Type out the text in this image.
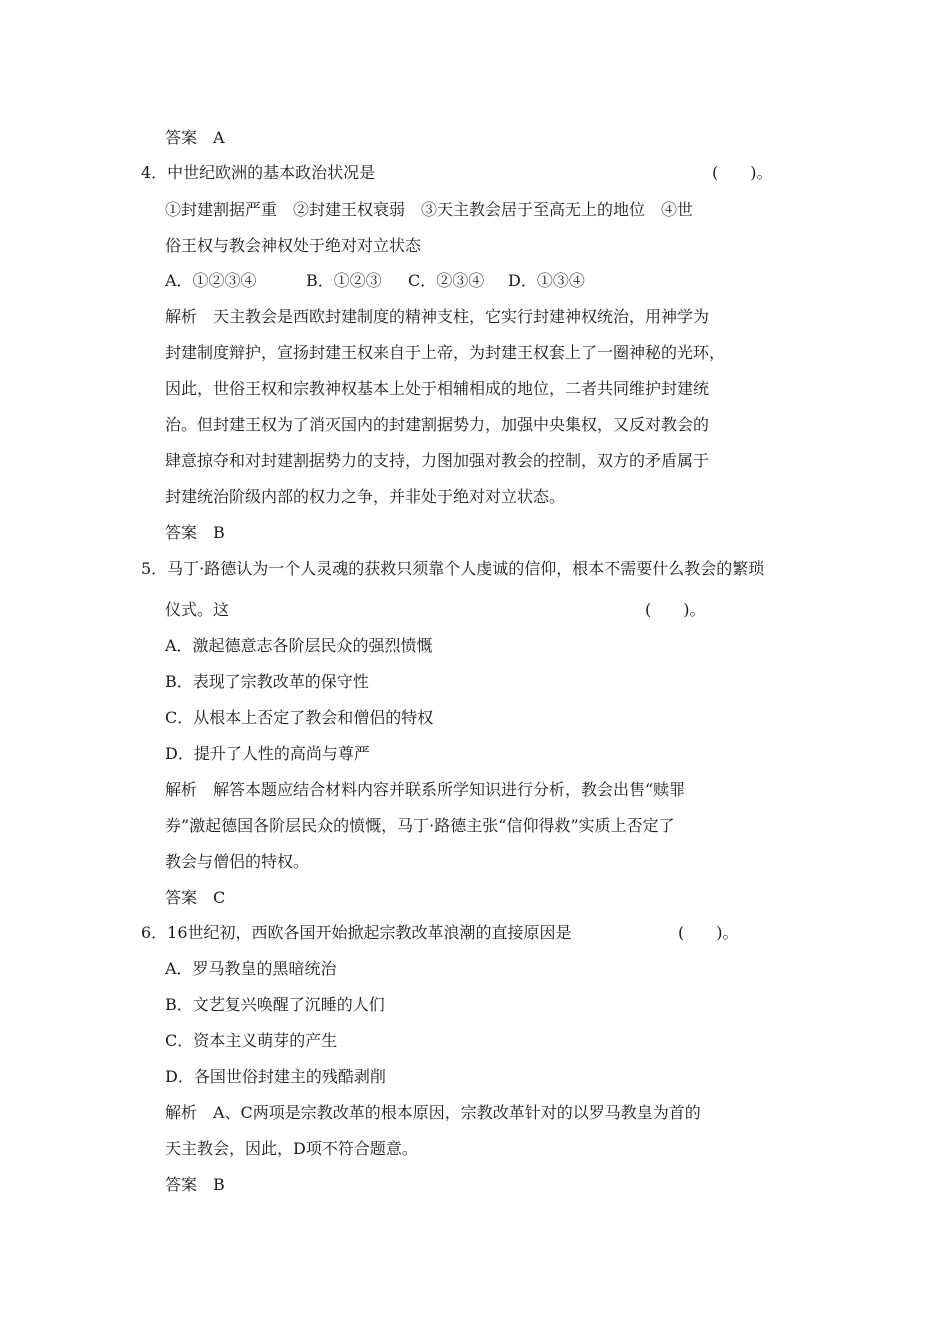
答案　A
4．中世纪欧洲的基本政治状况是	(　　)。
①封建割据严重　②封建王权衰弱　③天主教会居于至高无上的地位　④世
俗王权与教会神权处于绝对对立状态
A．①②③④	B．①②③ C．②③④ D．①③④
解析　天主教会是西欧封建制度的精神支柱，它实行封建神权统治，用神学为
封建制度辩护，宣扬封建王权来自于上帝，为封建王权套上了一圈神秘的光环，
因此，世俗王权和宗教神权基本上处于相辅相成的地位，二者共同维护封建统
治。但封建王权为了消灭国内的封建割据势力，加强中央集权，又反对教会的
肆意掠夺和对封建割据势力的支持，力图加强对教会的控制，双方的矛盾属于
封建统治阶级内部的权力之争，并非处于绝对对立状态。
答案　B
5．马丁·路德认为一个人灵魂的获救只须靠个人虔诚的信仰，根本不需要什么教会的繁琐
仪式。这	(　　)。
A．激起德意志各阶层民众的强烈愤慨
B．表现了宗教改革的保守性
C．从根本上否定了教会和僧侣的特权
D．提升了人性的高尚与尊严
解析　解答本题应结合材料内容并联系所学知识进行分析，教会出售“赎罪
券”激起德国各阶层民众的愤慨，马丁·路德主张“信仰得救”实质上否定了
教会与僧侣的特权。
答案　C
6．16世纪初，西欧各国开始掀起宗教改革浪潮的直接原因是	(　　)。
A．罗马教皇的黑暗统治
B．文艺复兴唤醒了沉睡的人们
C．资本主义萌芽的产生
D．各国世俗封建主的残酷剥削
解析　A、C两项是宗教改革的根本原因，宗教改革针对的以罗马教皇为首的
天主教会，因此，D项不符合题意。
答案　B
